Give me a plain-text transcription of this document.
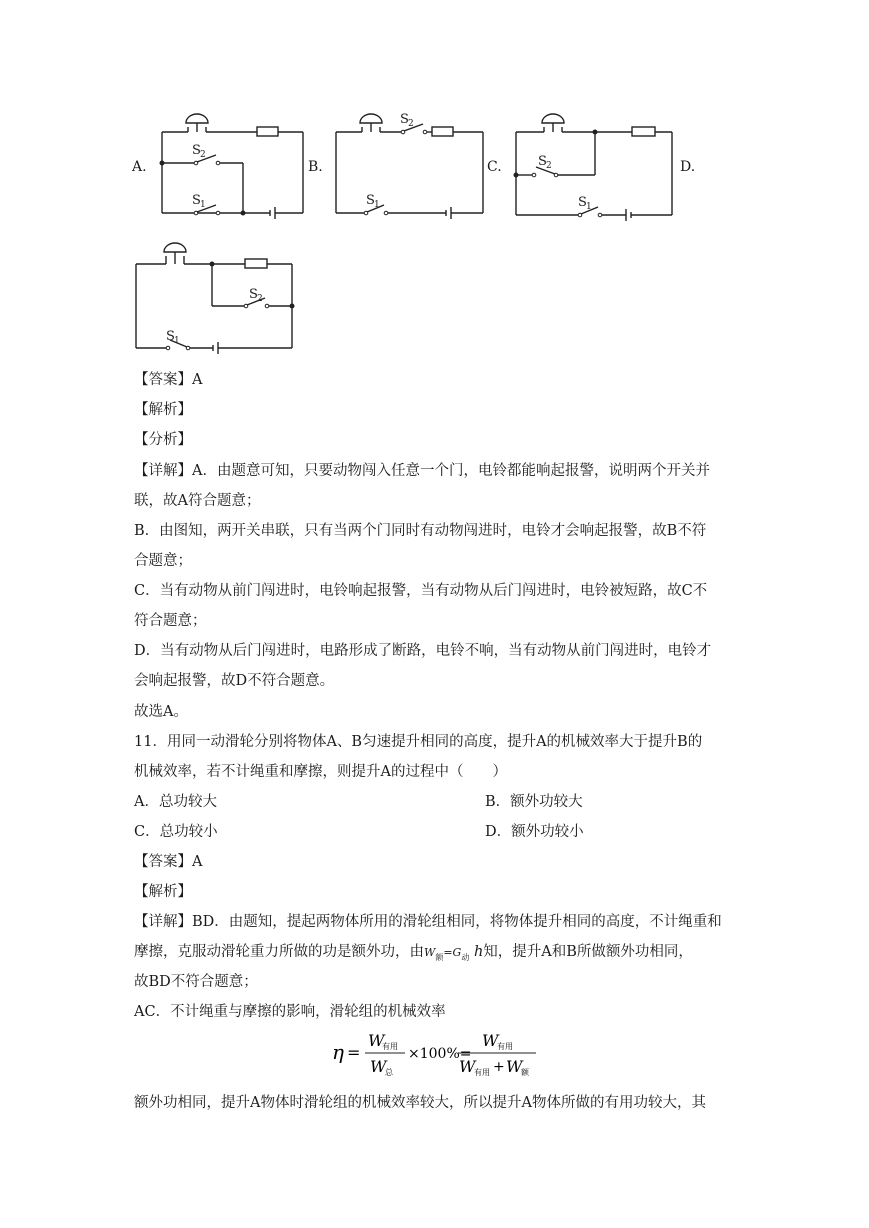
A.	B.	C.	D.
S 2
S 1
S 2
S 1
S 2
S 1
S 2
S 1
【答案】A
【解析】
【分析】
【详解】A．由题意可知，只要动物闯入任意一个门，电铃都能响起报警，说明两个开关并
联，故A符合题意；
B．由图知，两开关串联，只有当两个门同时有动物闯进时，电铃才会响起报警，故B不符
合题意；
C．当有动物从前门闯进时，电铃响起报警，当有动物从后门闯进时，电铃被短路，故C不
符合题意；
D．当有动物从后门闯进时，电路形成了断路，电铃不响，当有动物从前门闯进时，电铃才
会响起报警，故D不符合题意。
故选A。
11．用同一动滑轮分别将物体A、B匀速提升相同的高度，提升A的机械效率大于提升B的
机械效率，若不计绳重和摩擦，则提升A的过程中（　　）
A．总功较大	B．额外功较大
C．总功较小	D．额外功较小
【答案】A
【解析】
【详解】BD．由题知，提起两物体所用的滑轮组相同，将物体提升相同的高度，不计绳重和
摩擦，克服动滑轮重力所做的功是额外功，由$W_额=G_动$ h知，提升A和B所做额外功相同，
故BD不符合题意；
AC．不计绳重与摩擦的影响，滑轮组的机械效率
η =
W
有用
W
总
×100%=
W
有用
W
有用 + W
额
额外功相同，提升A物体时滑轮组的机械效率较大，所以提升A物体所做的有用功较大，其
